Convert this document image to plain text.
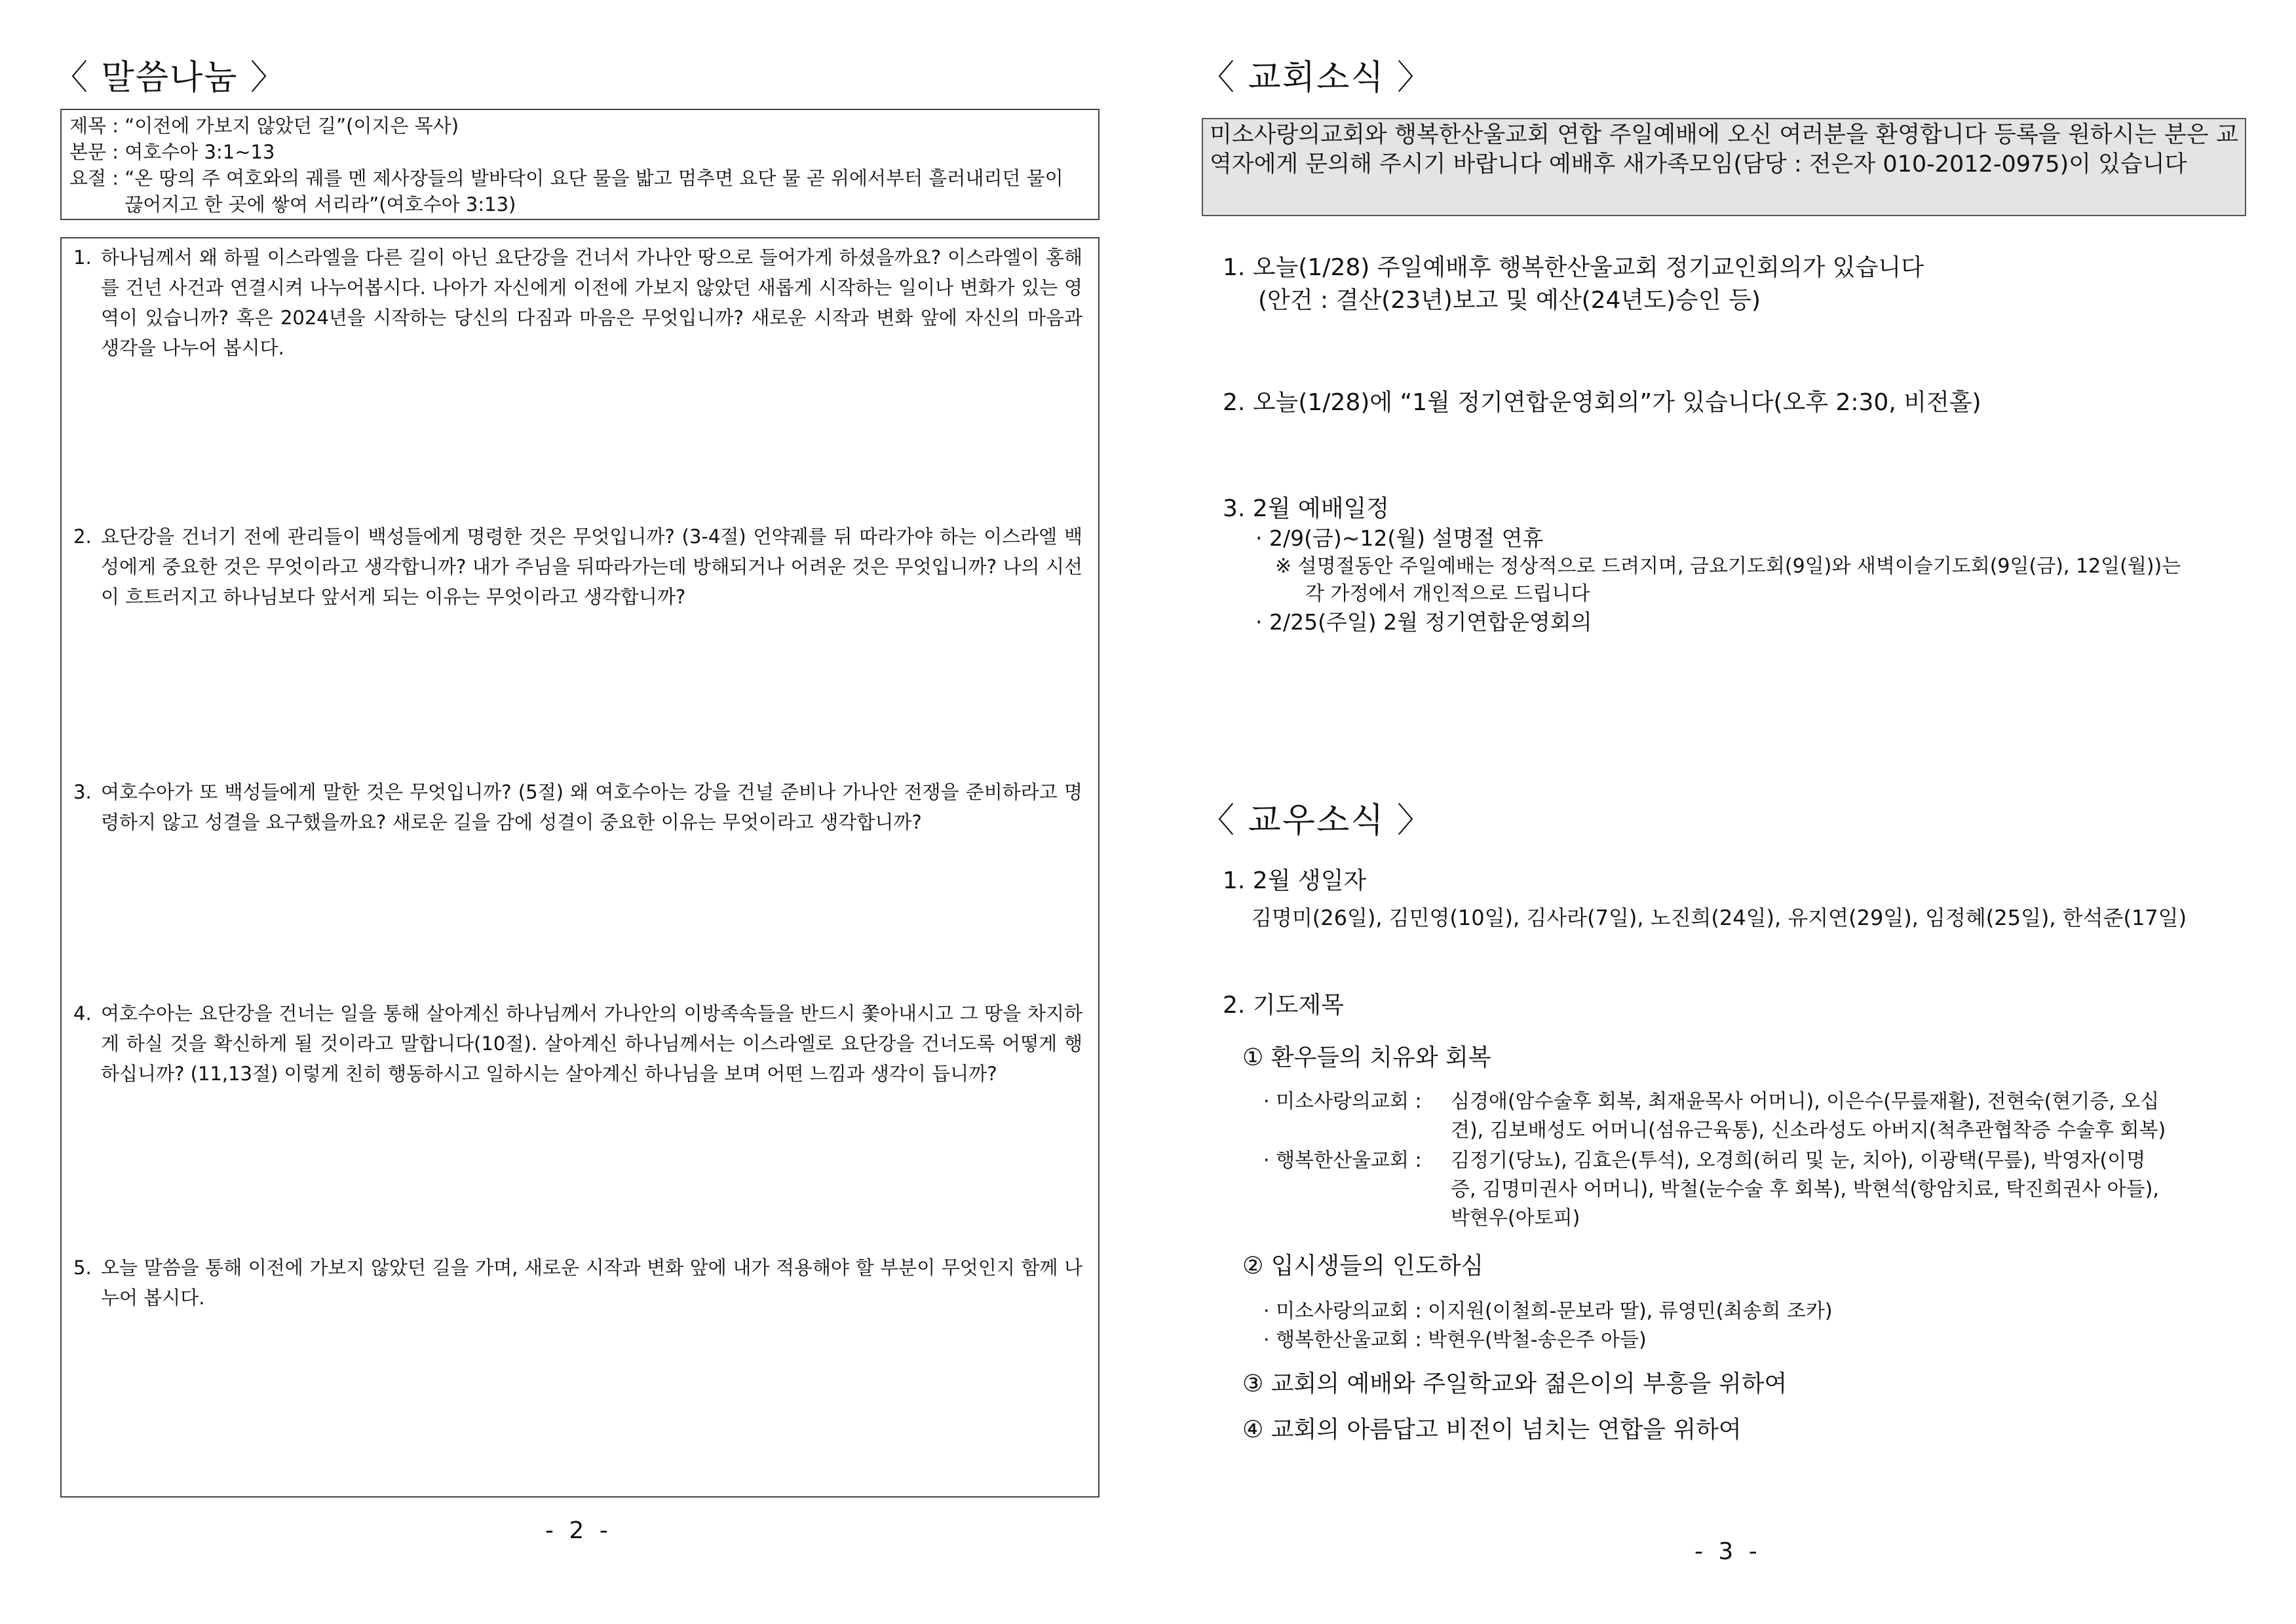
〈 말씀나눔 〉
제목 :
“이전에 가보지 않았던 길”(이지은 목사)
본문 :
여호수아 3:1~13
요절 :
“온 땅의 주 여호와의 궤를 멘 제사장들의 발바닥이 요단 물을 밟고 멈추면 요단 물 곧 위에서부터 흘러내리던 물이 끊어지고 한 곳에 쌓여 서리라”(여호수아 3:13)
1. 하나님께서 왜 하필 이스라엘을 다른 길이 아닌 요단강을 건너서 가나안 땅으로 들어가게 하셨을까요? 이스라엘이 홍해를 건넌 사건과 연결시켜 나누어봅시다. 나아가 자신에게 이전에 가보지 않았던 새롭게 시작하는 일이나 변화가 있는 영역이 있습니까? 혹은 2024년을 시작하는 당신의 다짐과 마음은 무엇입니까? 새로운 시작과 변화 앞에 자신의 마음과 생각을 나누어 봅시다.
2. 요단강을 건너기 전에 관리들이 백성들에게 명령한 것은 무엇입니까? (3-4절) 언약궤를 뒤 따라가야 하는 이스라엘 백성에게 중요한 것은 무엇이라고 생각합니까? 내가 주님을 뒤따라가는데 방해되거나 어려운 것은 무엇입니까? 나의 시선이 흐트러지고 하나님보다 앞서게 되는 이유는 무엇이라고 생각합니까?
3. 여호수아가 또 백성들에게 말한 것은 무엇입니까? (5절) 왜 여호수아는 강을 건널 준비나 가나안 전쟁을 준비하라고 명령하지 않고 성결을 요구했을까요? 새로운 길을 감에 성결이 중요한 이유는 무엇이라고 생각합니까?
4. 여호수아는 요단강을 건너는 일을 통해 살아계신 하나님께서 가나안의 이방족속들을 반드시 쫓아내시고 그 땅을 차지하게 하실 것을 확신하게 될 것이라고 말합니다(10절). 살아계신 하나님께서는 이스라엘로 요단강을 건너도록 어떻게 행하십니까? (11,13절) 이렇게 친히 행동하시고 일하시는 살아계신 하나님을 보며 어떤 느낌과 생각이 듭니까?
5. 오늘 말씀을 통해 이전에 가보지 않았던 길을 가며, 새로운 시작과 변화 앞에 내가 적용해야 할 부분이 무엇인지 함께 나누어 봅시다.
- 2 -
〈 교회소식 〉
미소사랑의교회와 행복한산울교회 연합 주일예배에 오신 여러분을 환영합니다 등록을 원하시는 분은 교역자에게 문의해 주시기 바랍니다 예배후 새가족모임(담당 : 전은자 010-2012-0975)이 있습니다
1. 오늘(1/28) 주일예배후 행복한산울교회 정기교인회의가 있습니다
(안건 : 결산(23년)보고 및 예산(24년도)승인 등)
2. 오늘(1/28)에 “1월 정기연합운영회의”가 있습니다(오후 2:30, 비전홀)
3. 2월 예배일정
· 2/9(금)~12(월) 설명절 연휴
※ 설명절동안 주일예배는 정상적으로 드려지며, 금요기도회(9일)와 새벽이슬기도회(9일(금), 12일(월))는
각 가정에서 개인적으로 드립니다
· 2/25(주일) 2월 정기연합운영회의
〈 교우소식 〉
1. 2월 생일자
김명미(26일), 김민영(10일), 김사라(7일), 노진희(24일), 유지연(29일), 임정혜(25일), 한석준(17일)
2. 기도제목
① 환우들의 치유와 회복
· 미소사랑의교회 : 심경애(암수술후 회복, 최재윤목사 어머니), 이은수(무릎재활), 전현숙(현기증, 오십
견), 김보배성도 어머니(섬유근육통), 신소라성도 아버지(척추관협착증 수술후 회복)
· 행복한산울교회 : 김정기(당뇨), 김효은(투석), 오경희(허리 및 눈, 치아), 이광택(무릎), 박영자(이명
증, 김명미권사 어머니), 박철(눈수술 후 회복), 박현석(항암치료, 탁진희권사 아들),
박현우(아토피)
② 입시생들의 인도하심
· 미소사랑의교회 : 이지원(이철희-문보라 딸), 류영민(최송희 조카)
· 행복한산울교회 : 박현우(박철-송은주 아들)
③ 교회의 예배와 주일학교와 젊은이의 부흥을 위하여
④ 교회의 아름답고 비전이 넘치는 연합을 위하여
- 3 -
